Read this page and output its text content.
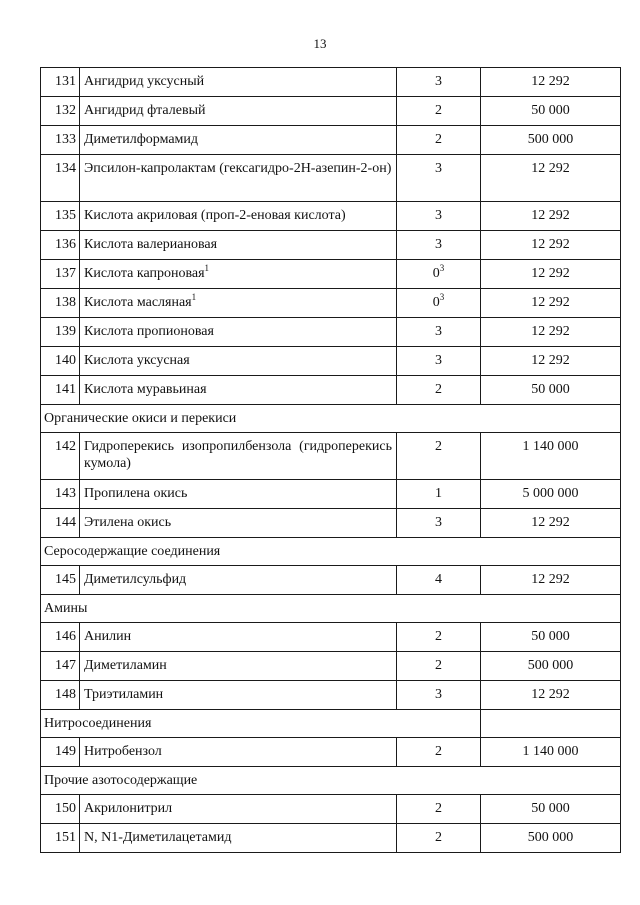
13
131	Ангидрид уксусный	3	12 292
132	Ангидрид фталевый	2	50 000
133	Диметилформамид	2	500 000
134	Эпсилон-капролактам (гексагидро-2Н-азепин-2-он)	3	12 292
135	Кислота акриловая (проп-2-еновая кислота)	3	12 292
136	Кислота валериановая	3	12 292
137	Кислота капроновая$^1$	$0^3$	12 292
138	Кислота масляная$^1$	$0^3$	12 292
139	Кислота пропионовая	3	12 292
140	Кислота уксусная	3	12 292
141	Кислота муравьиная	2	50 000
Органические окиси и перекиси			
142	Гидроперекись изопропилбензола (гидроперекись кумола)	2	1 140 000
143	Пропилена окись	1	5 000 000
144	Этилена окись	3	12 292
Серосодержащие соединения			
145	Диметилсульфид	4	12 292
Амины			
146	Анилин	2	50 000
147	Диметиламин	2	500 000
148	Триэтиламин	3	12 292
Нитросоединения			
149	Нитробензол	2	1 140 000
Прочие азотосодержащие			
150	Акрилонитрил	2	50 000
151	N, N1-Диметилацетамид	2	500 000
